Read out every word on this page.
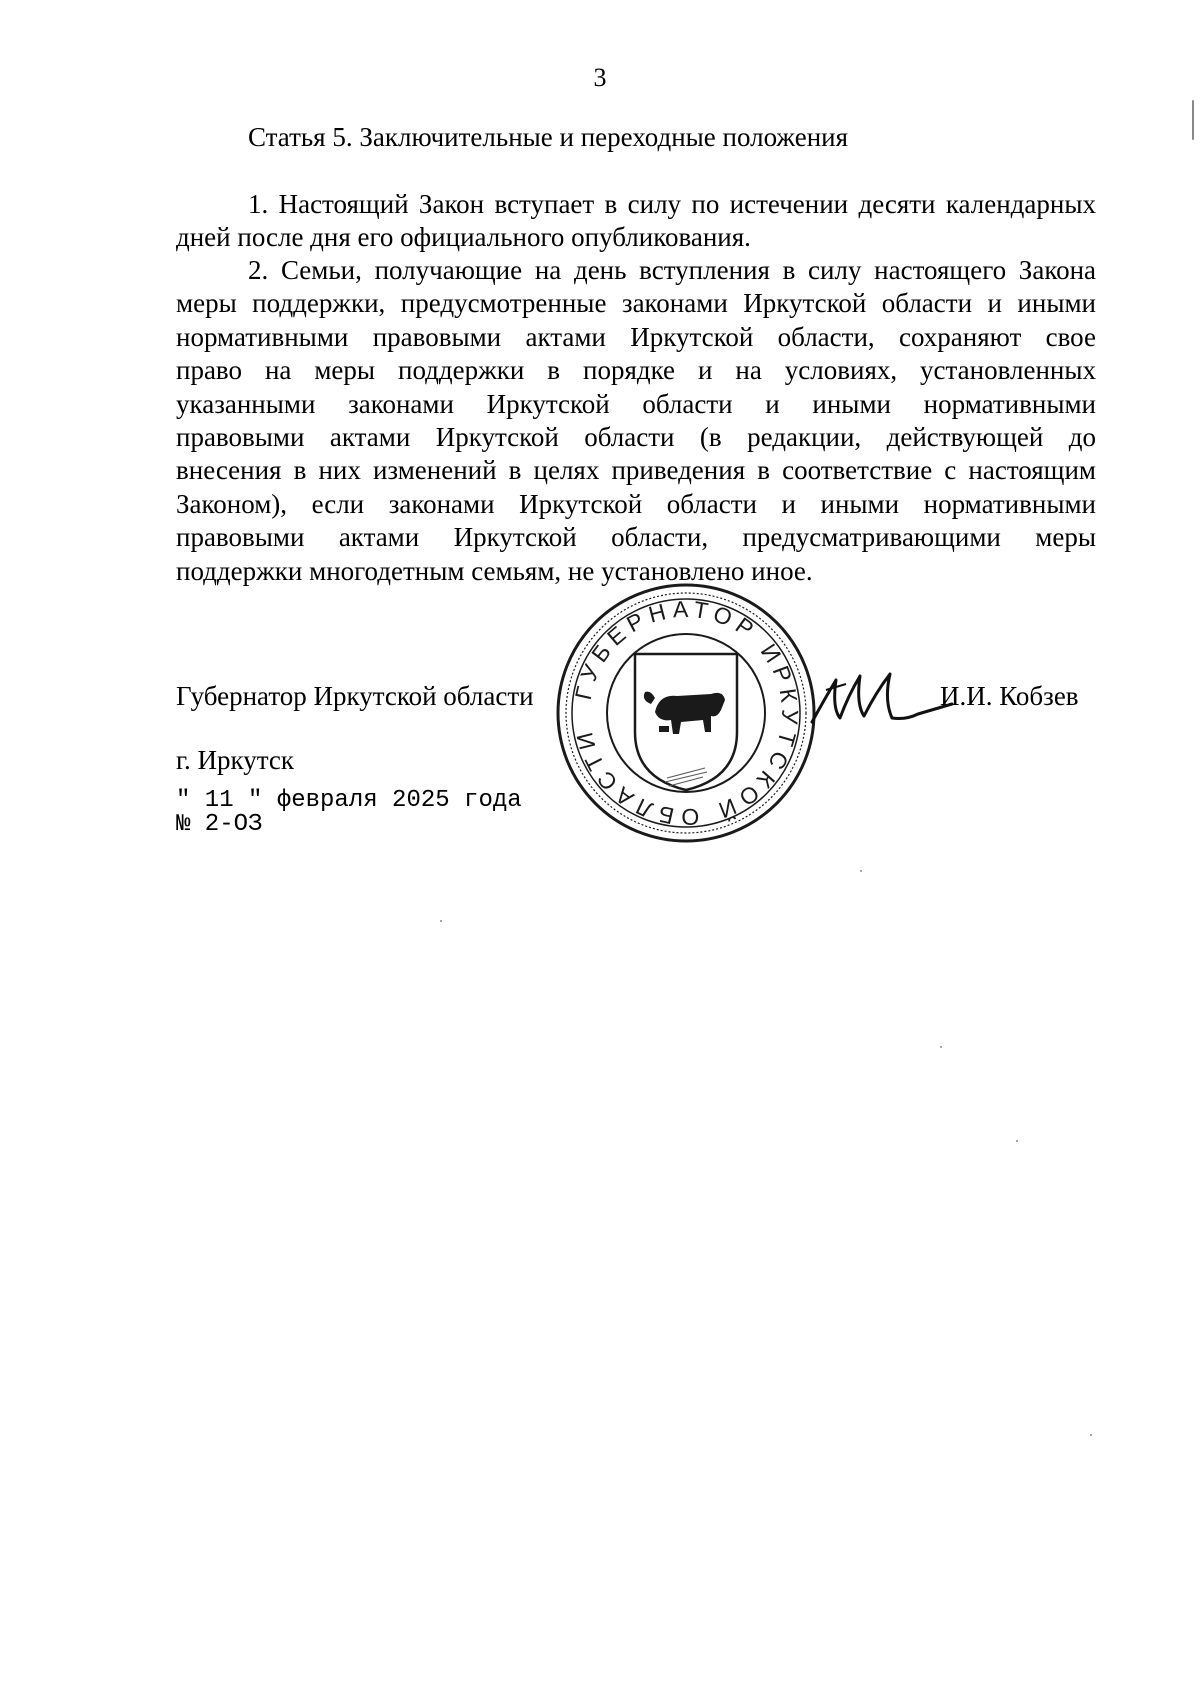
3
Статья 5. Заключительные и переходные положения
1. Настоящий Закон вступает в силу по истечении десяти календарных
дней после дня его официального опубликования.
2. Семьи, получающие на день вступления в силу настоящего Закона
меры поддержки, предусмотренные законами Иркутской области и иными
нормативными правовыми актами Иркутской области, сохраняют свое
право на меры поддержки в порядке и на условиях, установленных
указанными законами Иркутской области и иными нормативными
правовыми актами Иркутской области (в редакции, действующей до
внесения в них изменений в целях приведения в соответствие с настоящим
Законом), если законами Иркутской области и иными нормативными
правовыми актами Иркутской области, предусматривающими меры
поддержки многодетным семьям, не установлено иное.
Губернатор Иркутской области	И.И. Кобзев
г. Иркутск
" 11 " февраля 2025 года
№ 2-ОЗ
ГУБЕРНАТОР ИРКУТСКОЙ ОБЛАСТИ
